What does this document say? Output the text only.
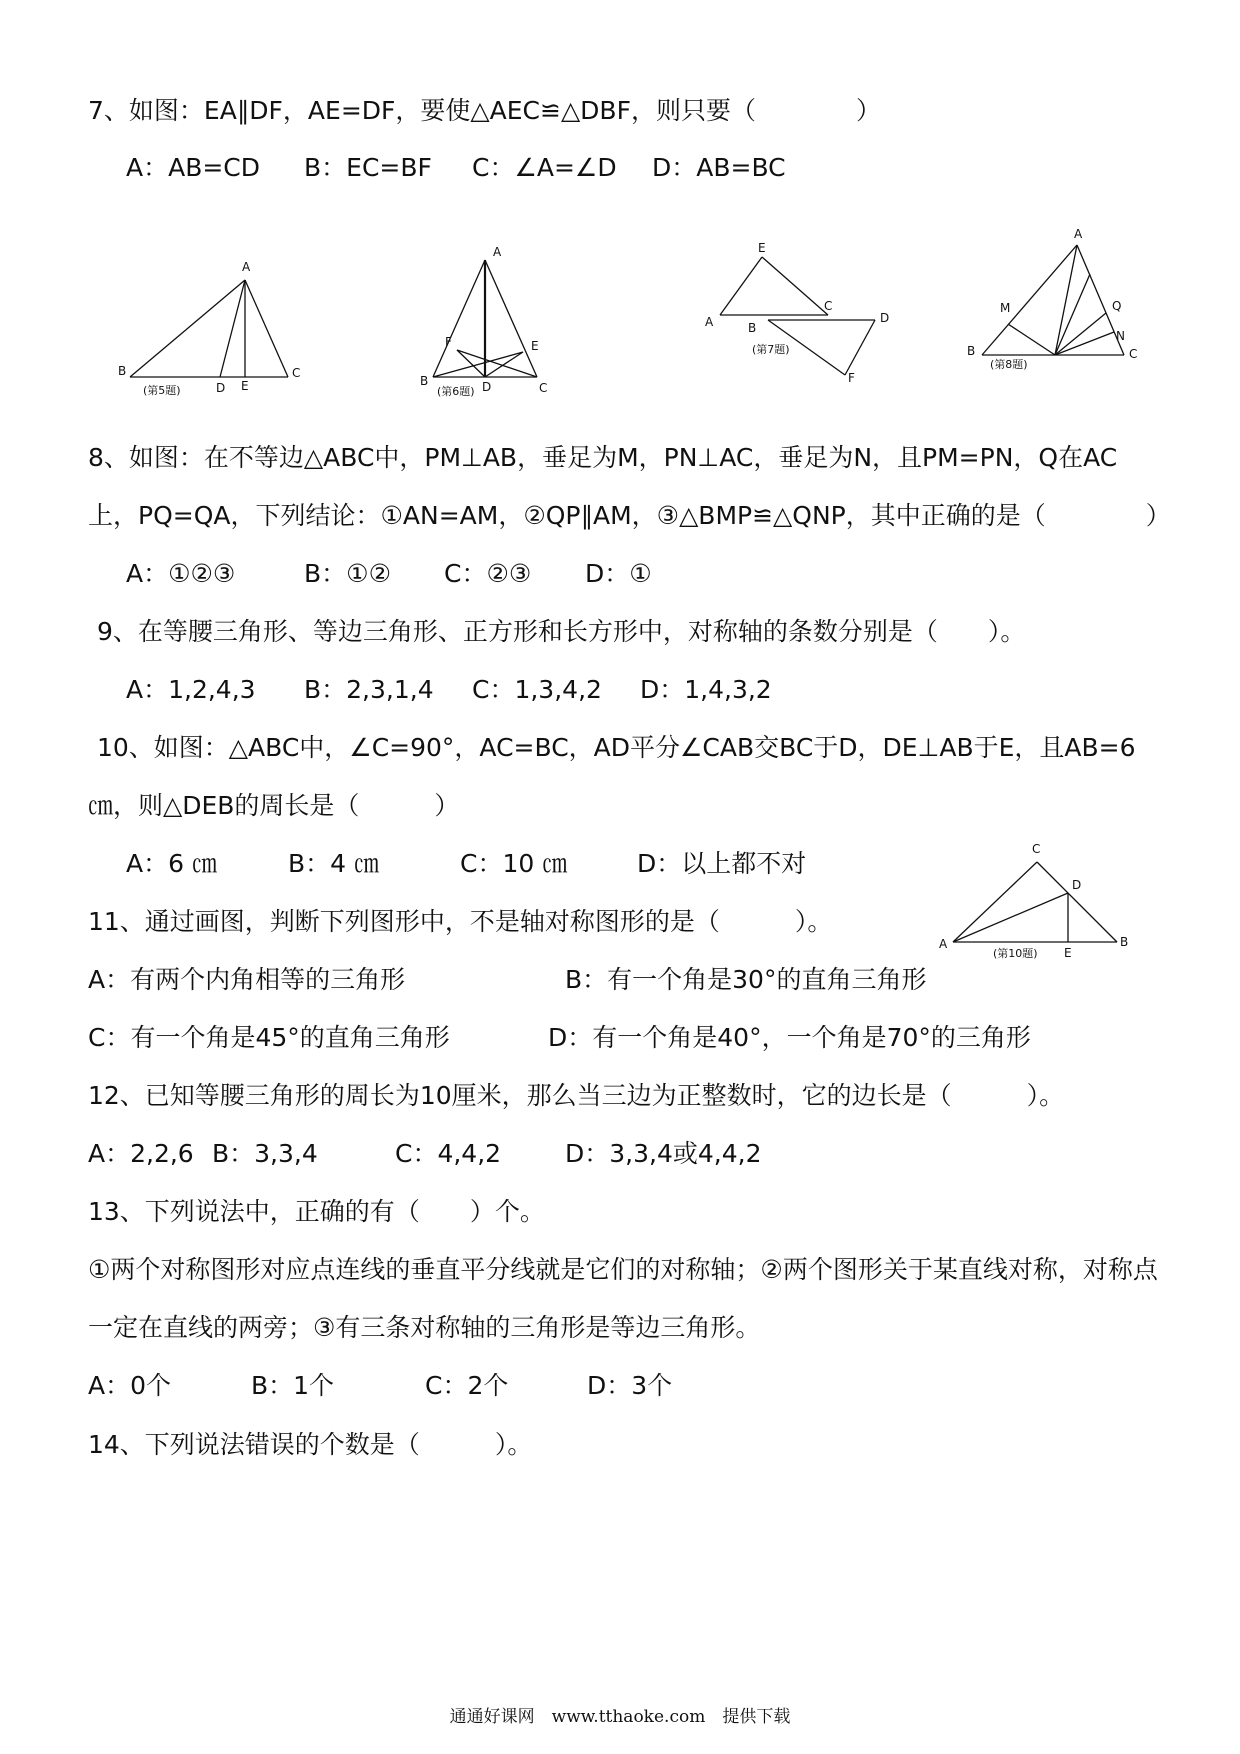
7、如图：EA∥DF，AE=DF，要使△AEC≌△DBF，则只要（　　　　）
A：AB=CD B：EC=BF C：∠A=∠D D：AB=BC
A
B	C
D E
(第5题)
A
B	C
D
E
F
(第6题)
E
A	B
C
D
F
(第7题)
A
B	C
M
N
Q
(第8题)
8、如图：在不等边△ABC中，PM⊥AB，垂足为M，PN⊥AC，垂足为N，且PM=PN，Q在AC
上，PQ=QA，下列结论：①AN=AM，②QP∥AM，③△BMP≌△QNP，其中正确的是（　　　　）
A：①②③	B：①② C：②③ D：①
9、在等腰三角形、等边三角形、正方形和长方形中，对称轴的条数分别是（　　）。
A：1,2,4,3 B：2,3,1,4 C：1,3,4,2 D：1,4,3,2
10、如图：△ABC中，∠C=90°，AC=BC，AD平分∠CAB交BC于D，DE⊥AB于E，且AB=6
㎝，则△DEB的周长是（　　　）
A：6 ㎝	B：4 ㎝	C：10 ㎝	D：以上都不对	C
D
A	B
E
(第10题)
11、通过画图，判断下列图形中，不是轴对称图形的是（　　　）。
A：有两个内角相等的三角形	B：有一个角是30°的直角三角形
C：有一个角是45°的直角三角形	D：有一个角是40°，一个角是70°的三角形
12、已知等腰三角形的周长为10厘米，那么当三边为正整数时，它的边长是（　　　）。
A：2,2,6 B：3,3,4	C：4,4,2	D：3,3,4或4,4,2
13、下列说法中，正确的有（　　）个。
①两个对称图形对应点连线的垂直平分线就是它们的对称轴；②两个图形关于某直线对称，对称点
一定在直线的两旁；③有三条对称轴的三角形是等边三角形。
A：0个	B：1个	C：2个	D：3个
14、下列说法错误的个数是（　　　）。
通通好课网　www.tthaoke.com　提供下载
